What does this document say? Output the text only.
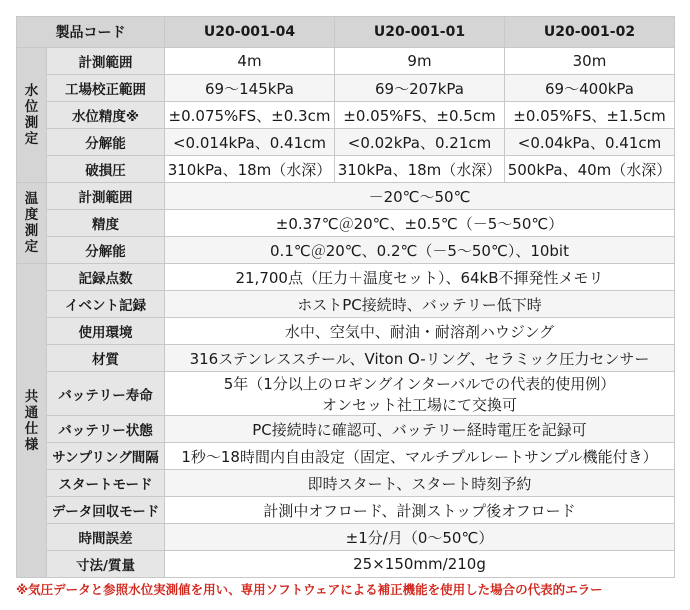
製品コード		U20-001-04	U20-001-01	U20-001-02

水
位
測
定	計測範囲	4m	9m	30m
	工場校正範囲	69～145kPa	69～207kPa	69～400kPa
	水位精度※	±0.075%FS、±0.3cm	±0.05%FS、±0.5cm	±0.05%FS、±1.5cm
	分解能	<0.014kPa、0.41cm	<0.02kPa、0.21cm	<0.04kPa、0.41cm
	破損圧	310kPa、18m（水深）	310kPa、18m（水深）	500kPa、40m（水深）

温
度
測
定	計測範囲	－20℃～50℃		
	精度	±0.37℃＠20℃、±0.5℃（－5～50℃）		
	分解能	0.1℃＠20℃、0.2℃（－5～50℃）、10bit		

共
通
仕
様	記録点数	21,700点（圧力＋温度セット）、64kB不揮発性メモリ		
	イベント記録	ホストPC接続時、バッテリー低下時		
	使用環境	水中、空気中、耐油・耐溶剤ハウジング		
	材質	316ステンレススチール、Viton O-リング、セラミック圧力センサー		
	バッテリー寿命	5年（1分以上のロギングインターバルでの代表的使用例）
オンセット社工場にて交換可		

	バッテリー状態	PC接続時に確認可、バッテリー経時電圧を記録可		
	サンプリング間隔	1秒～18時間内自由設定（固定、マルチプルレートサンプル機能付き）		
	スタートモード	即時スタート、スタート時刻予約		
	データ回収モード	計測中オフロード、計測ストップ後オフロード		
	時間誤差	±1分/月（0～50℃）		
	寸法/質量	25×150mm/210g		
※気圧データと参照水位実測値を用い、専用ソフトウェアによる補正機能を使用した場合の代表的エラー
